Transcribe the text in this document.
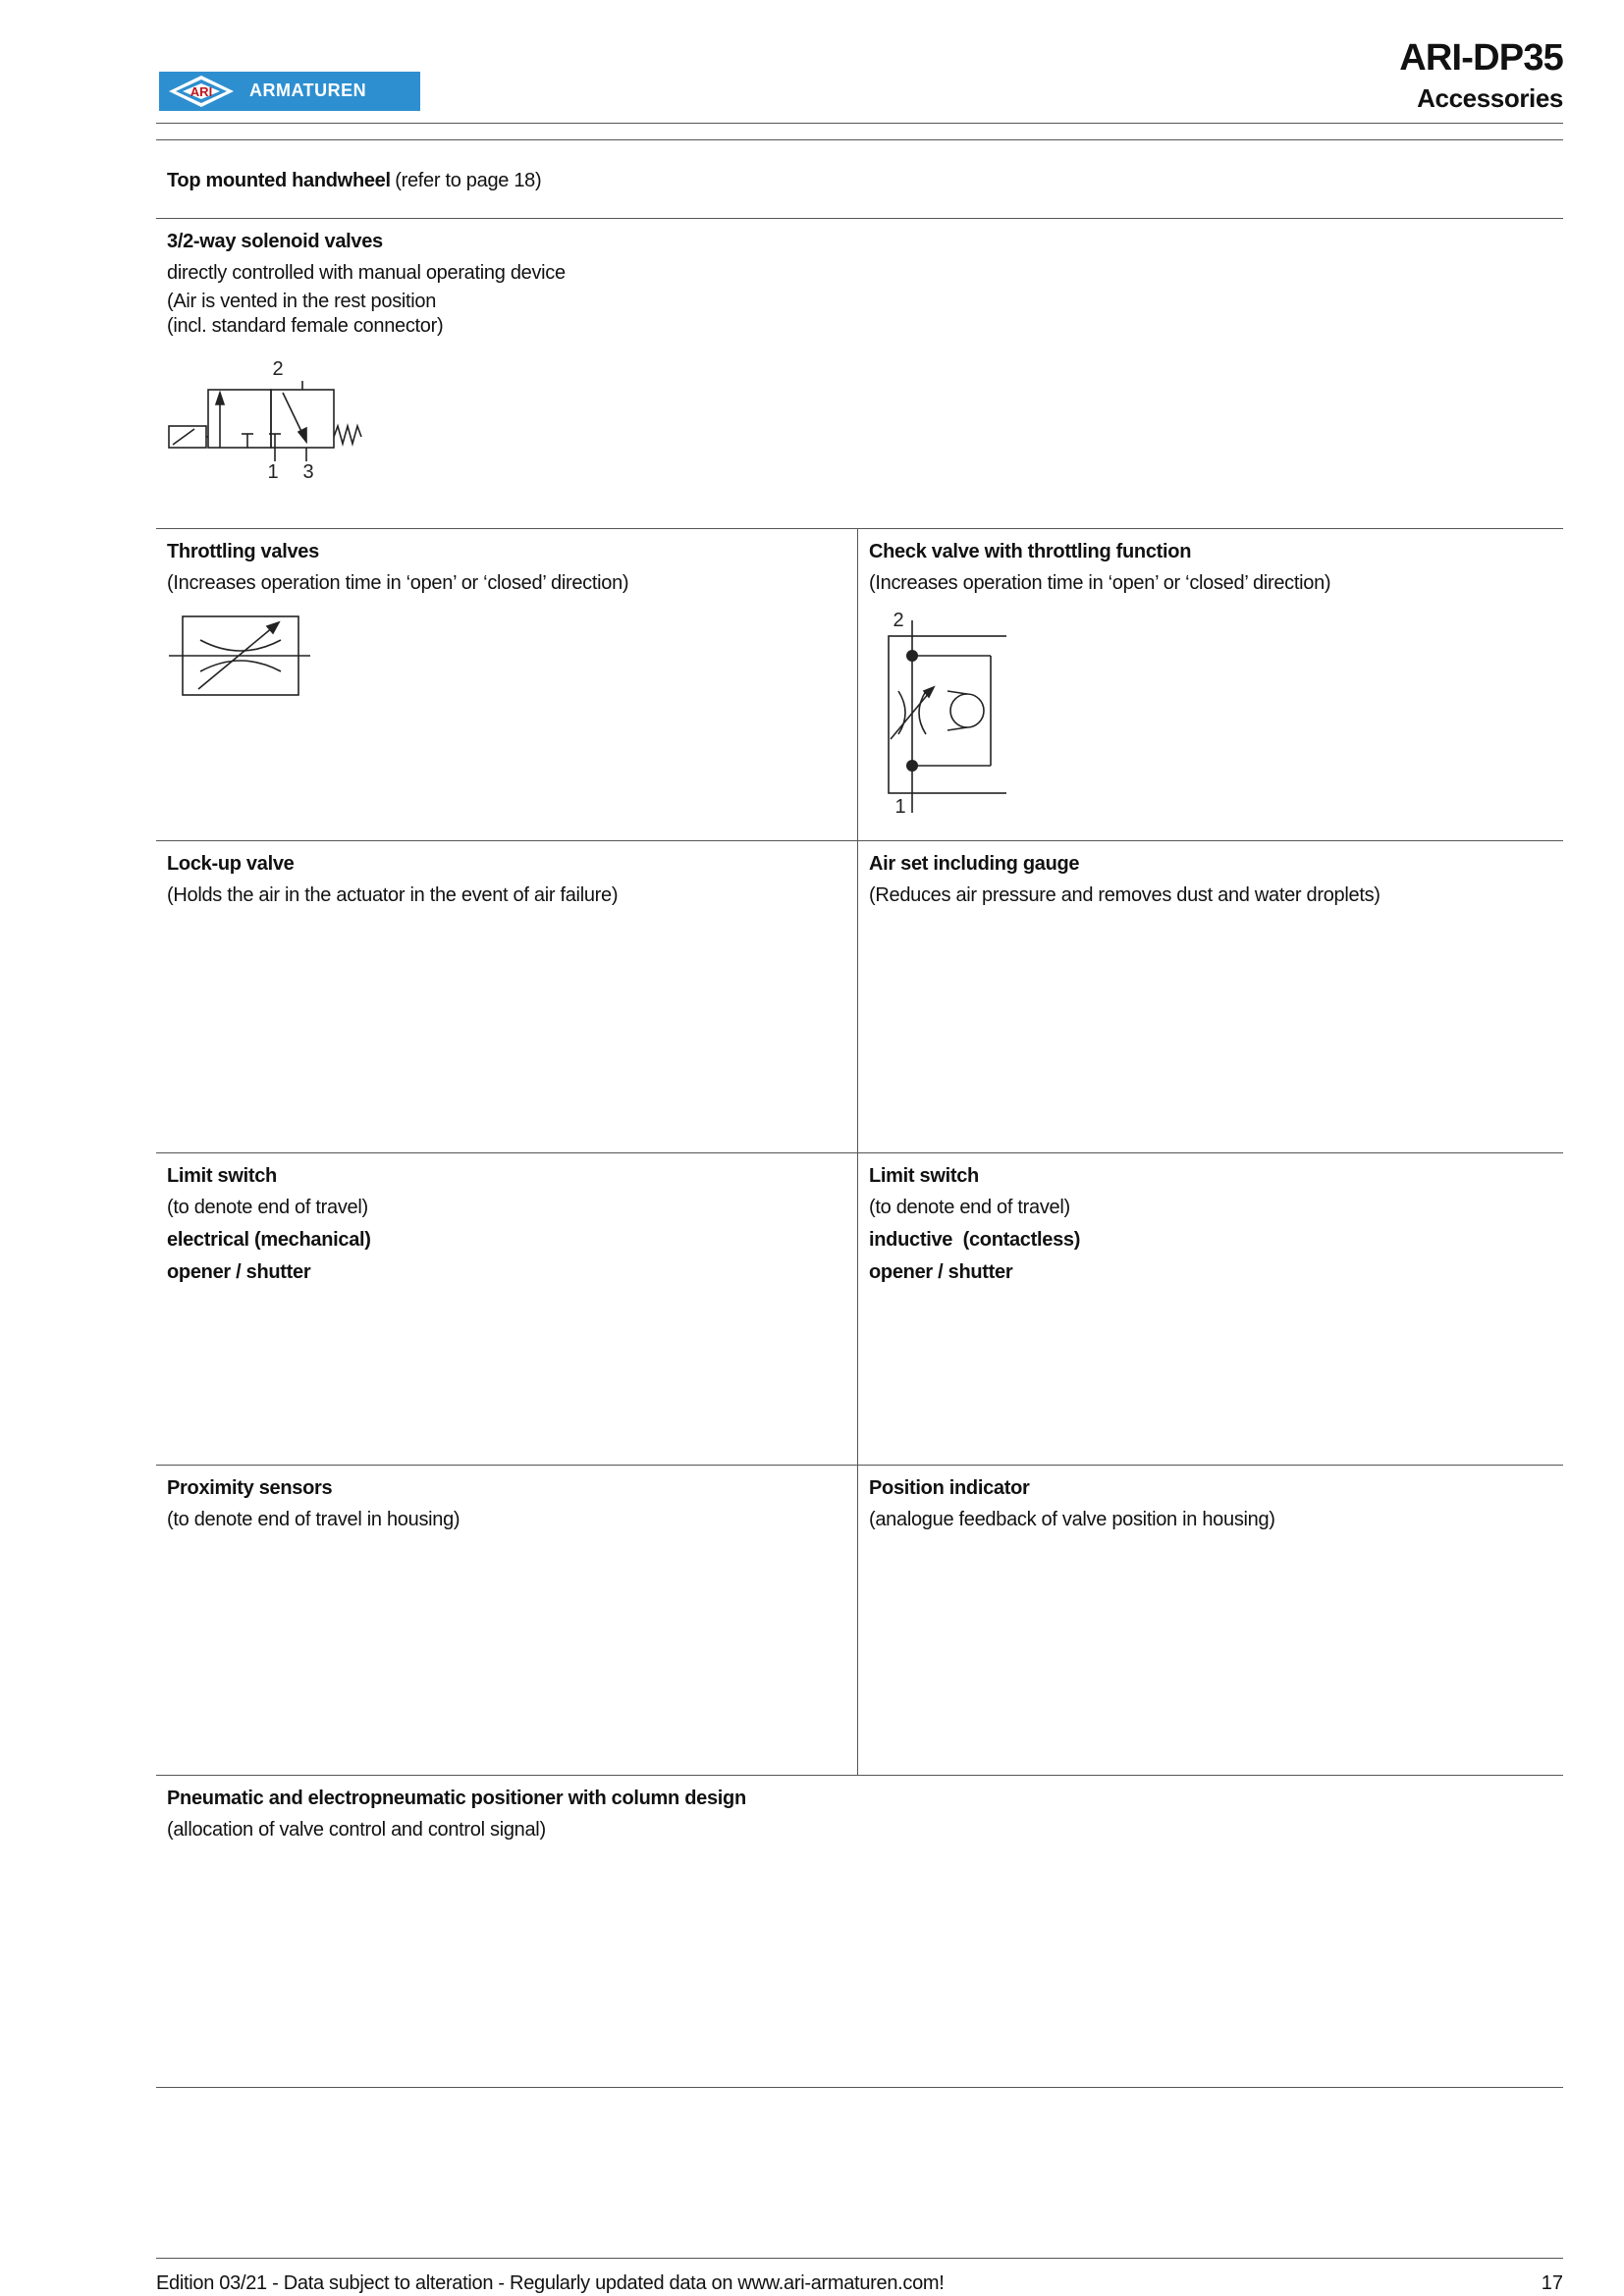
ARI ARMATUREN
ARI-DP35
Accessories
Top mounted handwheel (refer to page 18)
3/2-way solenoid valves
directly controlled with manual operating device
(Air is vented in the rest position
(incl. standard female connector)
2
1 3
Throttling valves
(Increases operation time in ‘open’ or ‘closed’ direction)
Check valve with throttling function
(Increases operation time in ‘open’ or ‘closed’ direction)
2
1
Lock-up valve
(Holds the air in the actuator in the event of air failure)
Air set including gauge
(Reduces air pressure and removes dust and water droplets)
Limit switch
(to denote end of travel)
electrical (mechanical)
opener / shutter
Limit switch
(to denote end of travel)
inductive  (contactless)
opener / shutter
Proximity sensors
(to denote end of travel in housing)
Position indicator
(analogue feedback of valve position in housing)
Pneumatic and electropneumatic positioner with column design
(allocation of valve control and control signal)
Edition 03/21 - Data subject to alteration - Regularly updated data on www.ari-armaturen.com!	17
